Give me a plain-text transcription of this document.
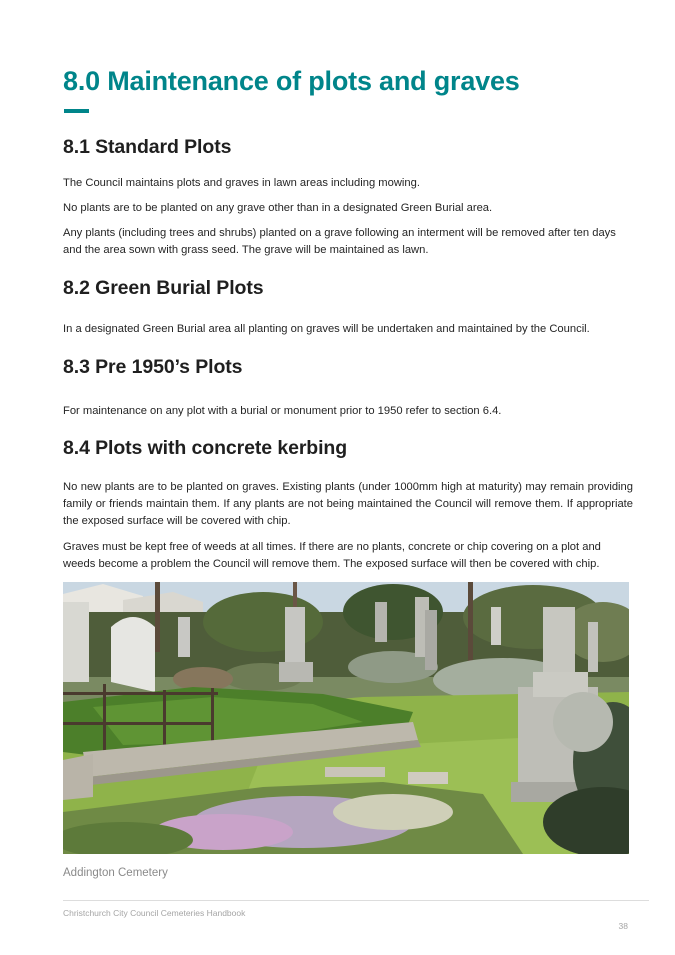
8.0 Maintenance of plots and graves
8.1 Standard Plots

The Council maintains plots and graves in lawn areas including mowing.

No plants are to be planted on any grave other than in a designated Green Burial area.

Any plants (including trees and shrubs) planted on a grave following an interment will be removed after ten days and the area sown with grass seed. The grave will be maintained as lawn.

8.2 Green Burial Plots

In a designated Green Burial area all planting on graves will be undertaken and maintained by the Council.

8.3 Pre 1950’s Plots

For maintenance on any plot with a burial or monument prior to 1950 refer to section 6.4.

8.4 Plots with concrete kerbing

No new plants are to be planted on graves. Existing plants (under 1000mm high at maturity) may remain providing family or friends maintain them. If any plants are not being maintained the Council will remove them. If appropriate the exposed surface will be covered with chip.

Graves must be kept free of weeds at all times. If there are no plants, concrete or chip covering on a plot and weeds become a problem the Council will remove them. The exposed surface will then be covered with chip.

Addington Cemetery
Christchurch City Council Cemeteries Handbook
38
